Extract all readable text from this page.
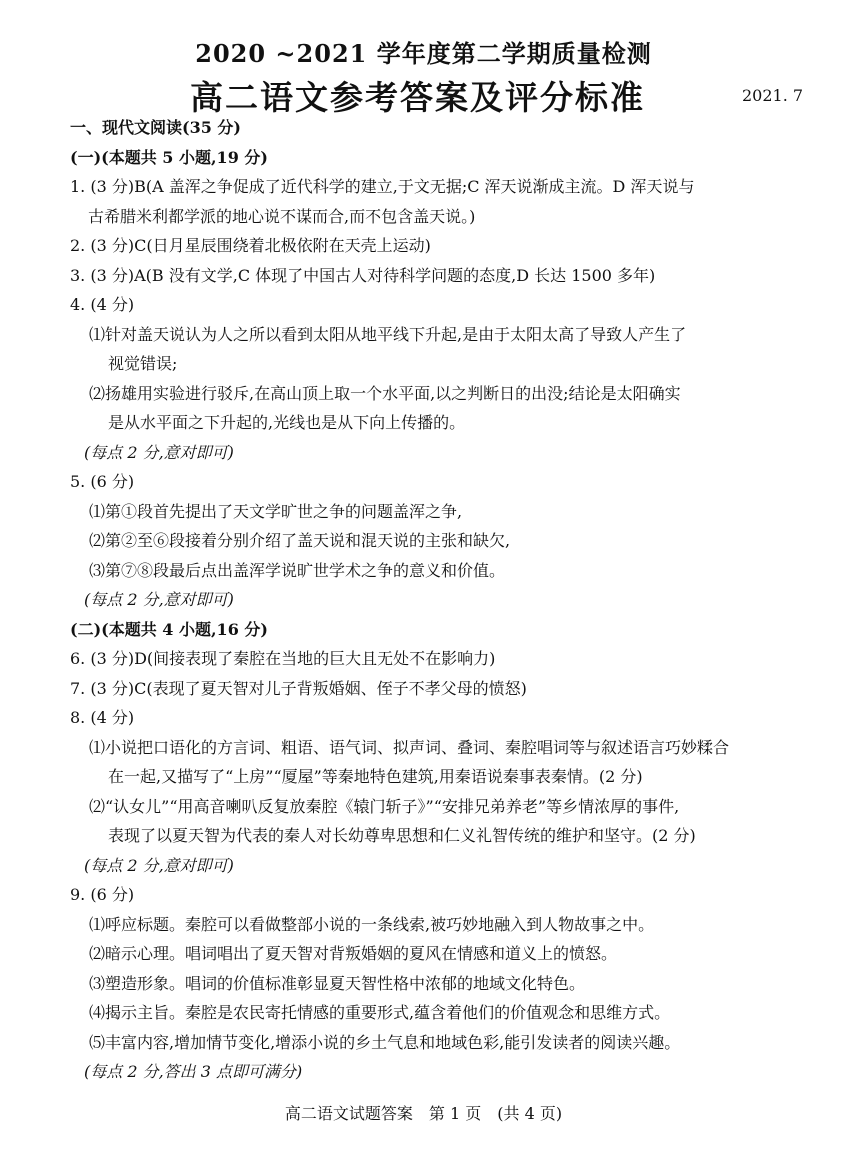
2020 ~2021 学年度第二学期质量检测
高二语文参考答案及评分标准	2021. 7
一、现代文阅读(35 分)
(一)(本题共 5 小题,19 分)
1. (3 分)B(A 盖浑之争促成了近代科学的建立,于文无据;C 浑天说渐成主流。D 浑天说与
古希腊米利都学派的地心说不谋而合,而不包含盖天说。)
2. (3 分)C(日月星辰围绕着北极依附在天壳上运动)
3. (3 分)A(B 没有文学,C 体现了中国古人对待科学问题的态度,D 长达 1500 多年)
4. (4 分)
⑴针对盖天说认为人之所以看到太阳从地平线下升起,是由于太阳太高了导致人产生了
视觉错误;
⑵扬雄用实验进行驳斥,在高山顶上取一个水平面,以之判断日的出没;结论是太阳确实
是从水平面之下升起的,光线也是从下向上传播的。
(每点 2 分,意对即可)
5. (6 分)
⑴第①段首先提出了天文学旷世之争的问题盖浑之争,
⑵第②至⑥段接着分别介绍了盖天说和混天说的主张和缺欠,
⑶第⑦⑧段最后点出盖浑学说旷世学术之争的意义和价值。
(每点 2 分,意对即可)
(二)(本题共 4 小题,16 分)
6. (3 分)D(间接表现了秦腔在当地的巨大且无处不在影响力)
7. (3 分)C(表现了夏天智对儿子背叛婚姻、侄子不孝父母的愤怒)
8. (4 分)
⑴小说把口语化的方言词、粗语、语气词、拟声词、叠词、秦腔唱词等与叙述语言巧妙糅合
在一起,又描写了“上房”“厦屋”等秦地特色建筑,用秦语说秦事表秦情。(2 分)
⑵“认女儿”“用高音喇叭反复放秦腔《辕门斩子》”“安排兄弟养老”等乡情浓厚的事件,
表现了以夏天智为代表的秦人对长幼尊卑思想和仁义礼智传统的维护和坚守。(2 分)
(每点 2 分,意对即可)
9. (6 分)
⑴呼应标题。秦腔可以看做整部小说的一条线索,被巧妙地融入到人物故事之中。
⑵暗示心理。唱词唱出了夏天智对背叛婚姻的夏风在情感和道义上的愤怒。
⑶塑造形象。唱词的价值标准彰显夏天智性格中浓郁的地域文化特色。
⑷揭示主旨。秦腔是农民寄托情感的重要形式,蕴含着他们的价值观念和思维方式。
⑸丰富内容,增加情节变化,增添小说的乡土气息和地域色彩,能引发读者的阅读兴趣。
(每点 2 分,答出 3 点即可满分)
高二语文试题答案　第 1 页　(共 4 页)
